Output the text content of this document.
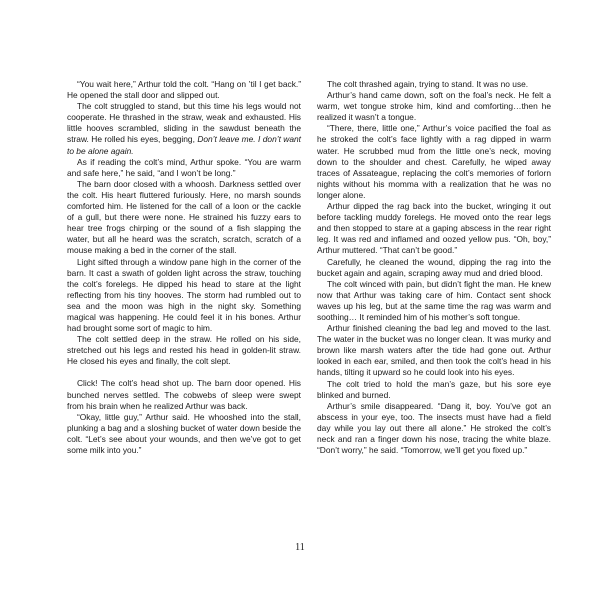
“You wait here,” Arthur told the colt. “Hang on ’til I get back.” He opened the stall door and slipped out.

The colt struggled to stand, but this time his legs would not cooperate. He thrashed in the straw, weak and exhausted. His little hooves scrambled, sliding in the sawdust beneath the straw. He rolled his eyes, begging, Don’t leave me. I don’t want to be alone again.

As if reading the colt’s mind, Arthur spoke. “You are warm and safe here,” he said, “and I won’t be long.”

The barn door closed with a whoosh. Darkness settled over the colt. His heart fluttered furiously. Here, no marsh sounds comforted him. He listened for the call of a loon or the cackle of a gull, but there were none. He strained his fuzzy ears to hear tree frogs chirping or the sound of a fish slapping the water, but all he heard was the scratch, scratch, scratch of a mouse making a bed in the corner of the stall.

Light sifted through a window pane high in the corner of the barn. It cast a swath of golden light across the straw, touching the colt’s forelegs. He dipped his head to stare at the light reflecting from his tiny hooves. The storm had rumbled out to sea and the moon was high in the night sky. Something magical was happening. He could feel it in his bones. Arthur had brought some sort of magic to him.

The colt settled deep in the straw. He rolled on his side, stretched out his legs and rested his head in golden-lit straw. He closed his eyes and finally, the colt slept.

Click! The colt’s head shot up. The barn door opened. His bunched nerves settled. The cobwebs of sleep were swept from his brain when he realized Arthur was back.

“Okay, little guy,” Arthur said. He whooshed into the stall, plunking a bag and a sloshing bucket of water down beside the colt. “Let’s see about your wounds, and then we’ve got to get some milk into you.”

The colt thrashed again, trying to stand. It was no use.

Arthur’s hand came down, soft on the foal’s neck. He felt a warm, wet tongue stroke him, kind and comforting…then he realized it wasn’t a tongue.

“There, there, little one,” Arthur’s voice pacified the foal as he stroked the colt’s face lightly with a rag dipped in warm water. He scrubbed mud from the little one’s neck, moving down to the shoulder and chest. Carefully, he wiped away traces of Assateague, replacing the colt’s memories of forlorn nights without his momma with a realization that he was no longer alone.

Arthur dipped the rag back into the bucket, wringing it out before tackling muddy forelegs. He moved onto the rear legs and then stopped to stare at a gaping abscess in the rear right leg. It was red and inflamed and oozed yellow pus. “Oh, boy,” Arthur muttered. “That can’t be good.”

Carefully, he cleaned the wound, dipping the rag into the bucket again and again, scraping away mud and dried blood.

The colt winced with pain, but didn’t fight the man. He knew now that Arthur was taking care of him. Contact sent shock waves up his leg, but at the same time the rag was warm and soothing… It reminded him of his mother’s soft tongue.

Arthur finished cleaning the bad leg and moved to the last. The water in the bucket was no longer clean. It was murky and brown like marsh waters after the tide had gone out. Arthur looked in each ear, smiled, and then took the colt’s head in his hands, tilting it upward so he could look into his eyes.

The colt tried to hold the man’s gaze, but his sore eye blinked and burned.

Arthur’s smile disappeared. “Dang it, boy. You’ve got an abscess in your eye, too. The insects must have had a field day while you lay out there all alone.” He stroked the colt’s neck and ran a finger down his nose, tracing the white blaze. “Don’t worry,” he said. “Tomorrow, we’ll get you fixed up.”

11
